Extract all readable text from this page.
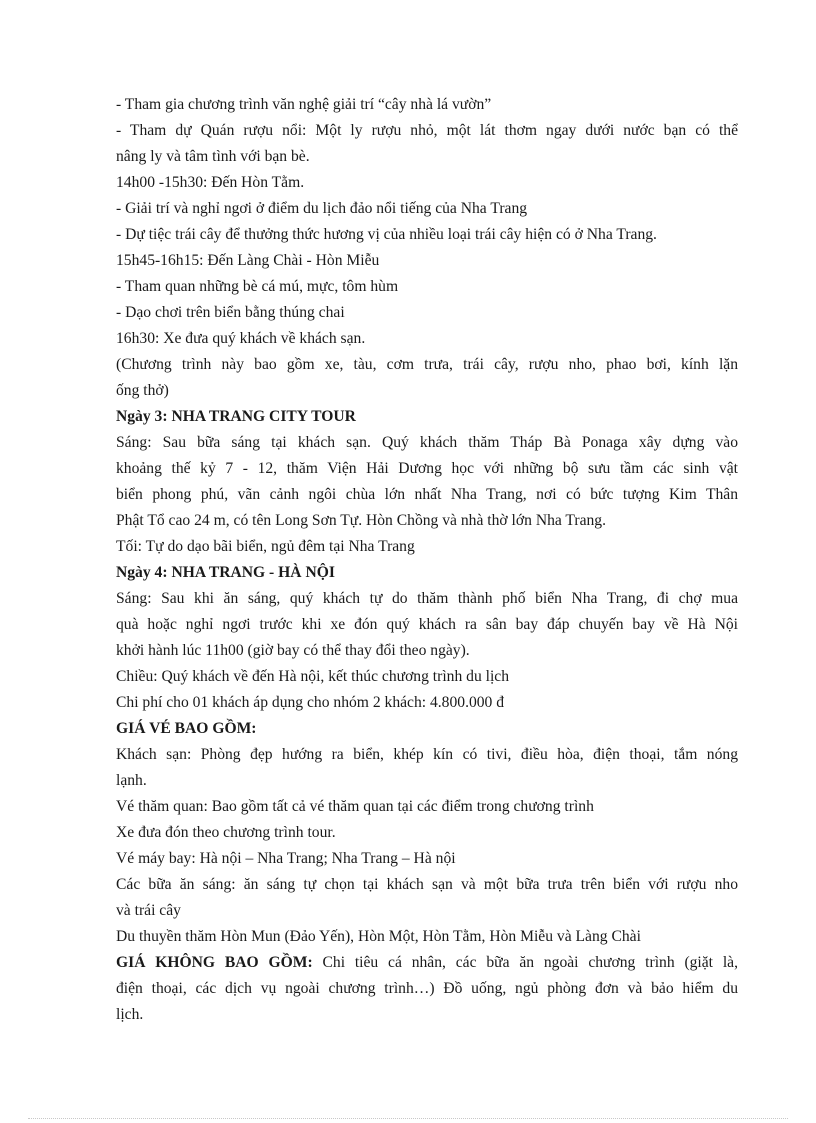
- Tham gia chương trình văn nghệ giải trí “cây nhà lá vườn”

- Tham dự Quán rượu nổi: Một ly rượu nhỏ, một lát thơm ngay dưới nước bạn có thể

nâng ly và tâm tình với bạn bè.

14h00 -15h30: Đến Hòn Tằm.

- Giải trí và nghỉ ngơi ở điểm du lịch đảo nổi tiếng của Nha Trang

- Dự tiệc trái cây để thưởng thức hương vị của nhiều loại trái cây hiện có ở Nha Trang.

15h45-16h15: Đến Làng Chài - Hòn Miễu

- Tham quan những bè cá mú, mực, tôm hùm

- Dạo chơi trên biển bằng thúng chai

16h30: Xe đưa quý khách về khách sạn.

(Chương trình này bao gồm xe, tàu, cơm trưa, trái cây, rượu nho, phao bơi, kính lặn

ống thở)

Ngày 3: NHA TRANG CITY TOUR

Sáng: Sau bữa sáng tại khách sạn. Quý khách thăm Tháp Bà Ponaga xây dựng vào

khoảng thế kỷ 7 - 12, thăm Viện Hải Dương học với những bộ sưu tầm các sinh vật

biển phong phú, vãn cảnh ngôi chùa lớn nhất Nha Trang, nơi có bức tượng Kim Thân

Phật Tổ cao 24 m, có tên Long Sơn Tự. Hòn Chồng và nhà thờ lớn Nha Trang.

Tối: Tự do dạo bãi biển, ngủ đêm tại Nha Trang

Ngày 4: NHA TRANG - HÀ NỘI

Sáng: Sau khi ăn sáng, quý khách tự do thăm thành phố biển Nha Trang, đi chợ mua

quà hoặc nghỉ ngơi trước khi xe đón quý khách ra sân bay đáp chuyến bay về Hà Nội

khởi hành lúc 11h00 (giờ bay có thể thay đổi theo ngày).

Chiều: Quý khách về đến Hà nội, kết thúc chương trình du lịch

Chi phí cho 01 khách áp dụng cho nhóm 2 khách: 4.800.000 đ

GIÁ VÉ BAO GỒM:

Khách sạn: Phòng đẹp hướng ra biển, khép kín có tivi, điều hòa, điện thoại, tắm nóng

lạnh.

Vé thăm quan: Bao gồm tất cả vé thăm quan tại các điểm trong chương trình

Xe đưa đón theo chương trình tour.

Vé máy bay: Hà nội – Nha Trang; Nha Trang – Hà nội

Các bữa ăn sáng: ăn sáng tự chọn tại khách sạn và một bữa trưa trên biển với rượu nho

và trái cây

Du thuyền thăm Hòn Mun (Đảo Yến), Hòn Một, Hòn Tằm, Hòn Miễu và Làng Chài

GIÁ KHÔNG BAO GỒM: Chi tiêu cá nhân, các bữa ăn ngoài chương trình (giặt là,

điện thoại, các dịch vụ ngoài chương trình…) Đồ uống, ngủ phòng đơn và bảo hiểm du

lịch.
